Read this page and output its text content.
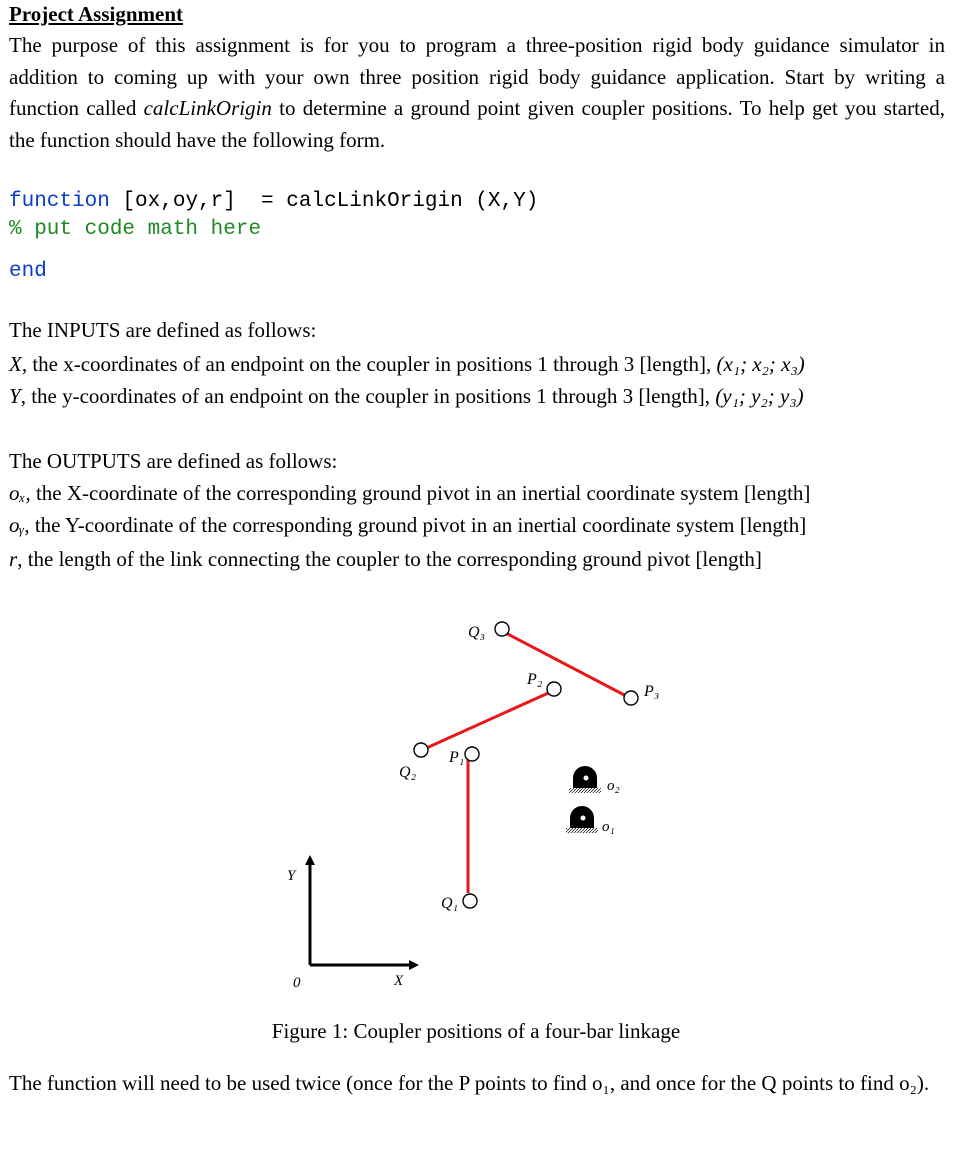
Project Assignment

The purpose of this assignment is for you to program a three-position rigid body guidance simulator in addition to coming up with your own three position rigid body guidance application. Start by writing a function called calcLinkOrigin to determine a ground point given coupler positions. To help get you started, the function should have the following form.

function [ox,oy,r]  = calcLinkOrigin (X,Y)
% put code math here
end
The INPUTS are defined as follows:
X, the x-coordinates of an endpoint on the coupler in positions 1 through 3 [length], (x₁; x₂; x₃)
Y, the y-coordinates of an endpoint on the coupler in positions 1 through 3 [length], (y₁; y₂; y₃)
The OUTPUTS are defined as follows:
oₓ, the X-coordinate of the corresponding ground pivot in an inertial coordinate system [length]
oᵧ, the Y-coordinate of the corresponding ground pivot in an inertial coordinate system [length]
r, the length of the link connecting the coupler to the corresponding ground pivot [length]
Q₃
P₂
P₃
Q₂
P₁
o₂
o₁
Q₁
Y
X
0
Figure 1: Coupler positions of a four-bar linkage

The function will need to be used twice (once for the P points to find o₁, and once for the Q points to find o₂).
